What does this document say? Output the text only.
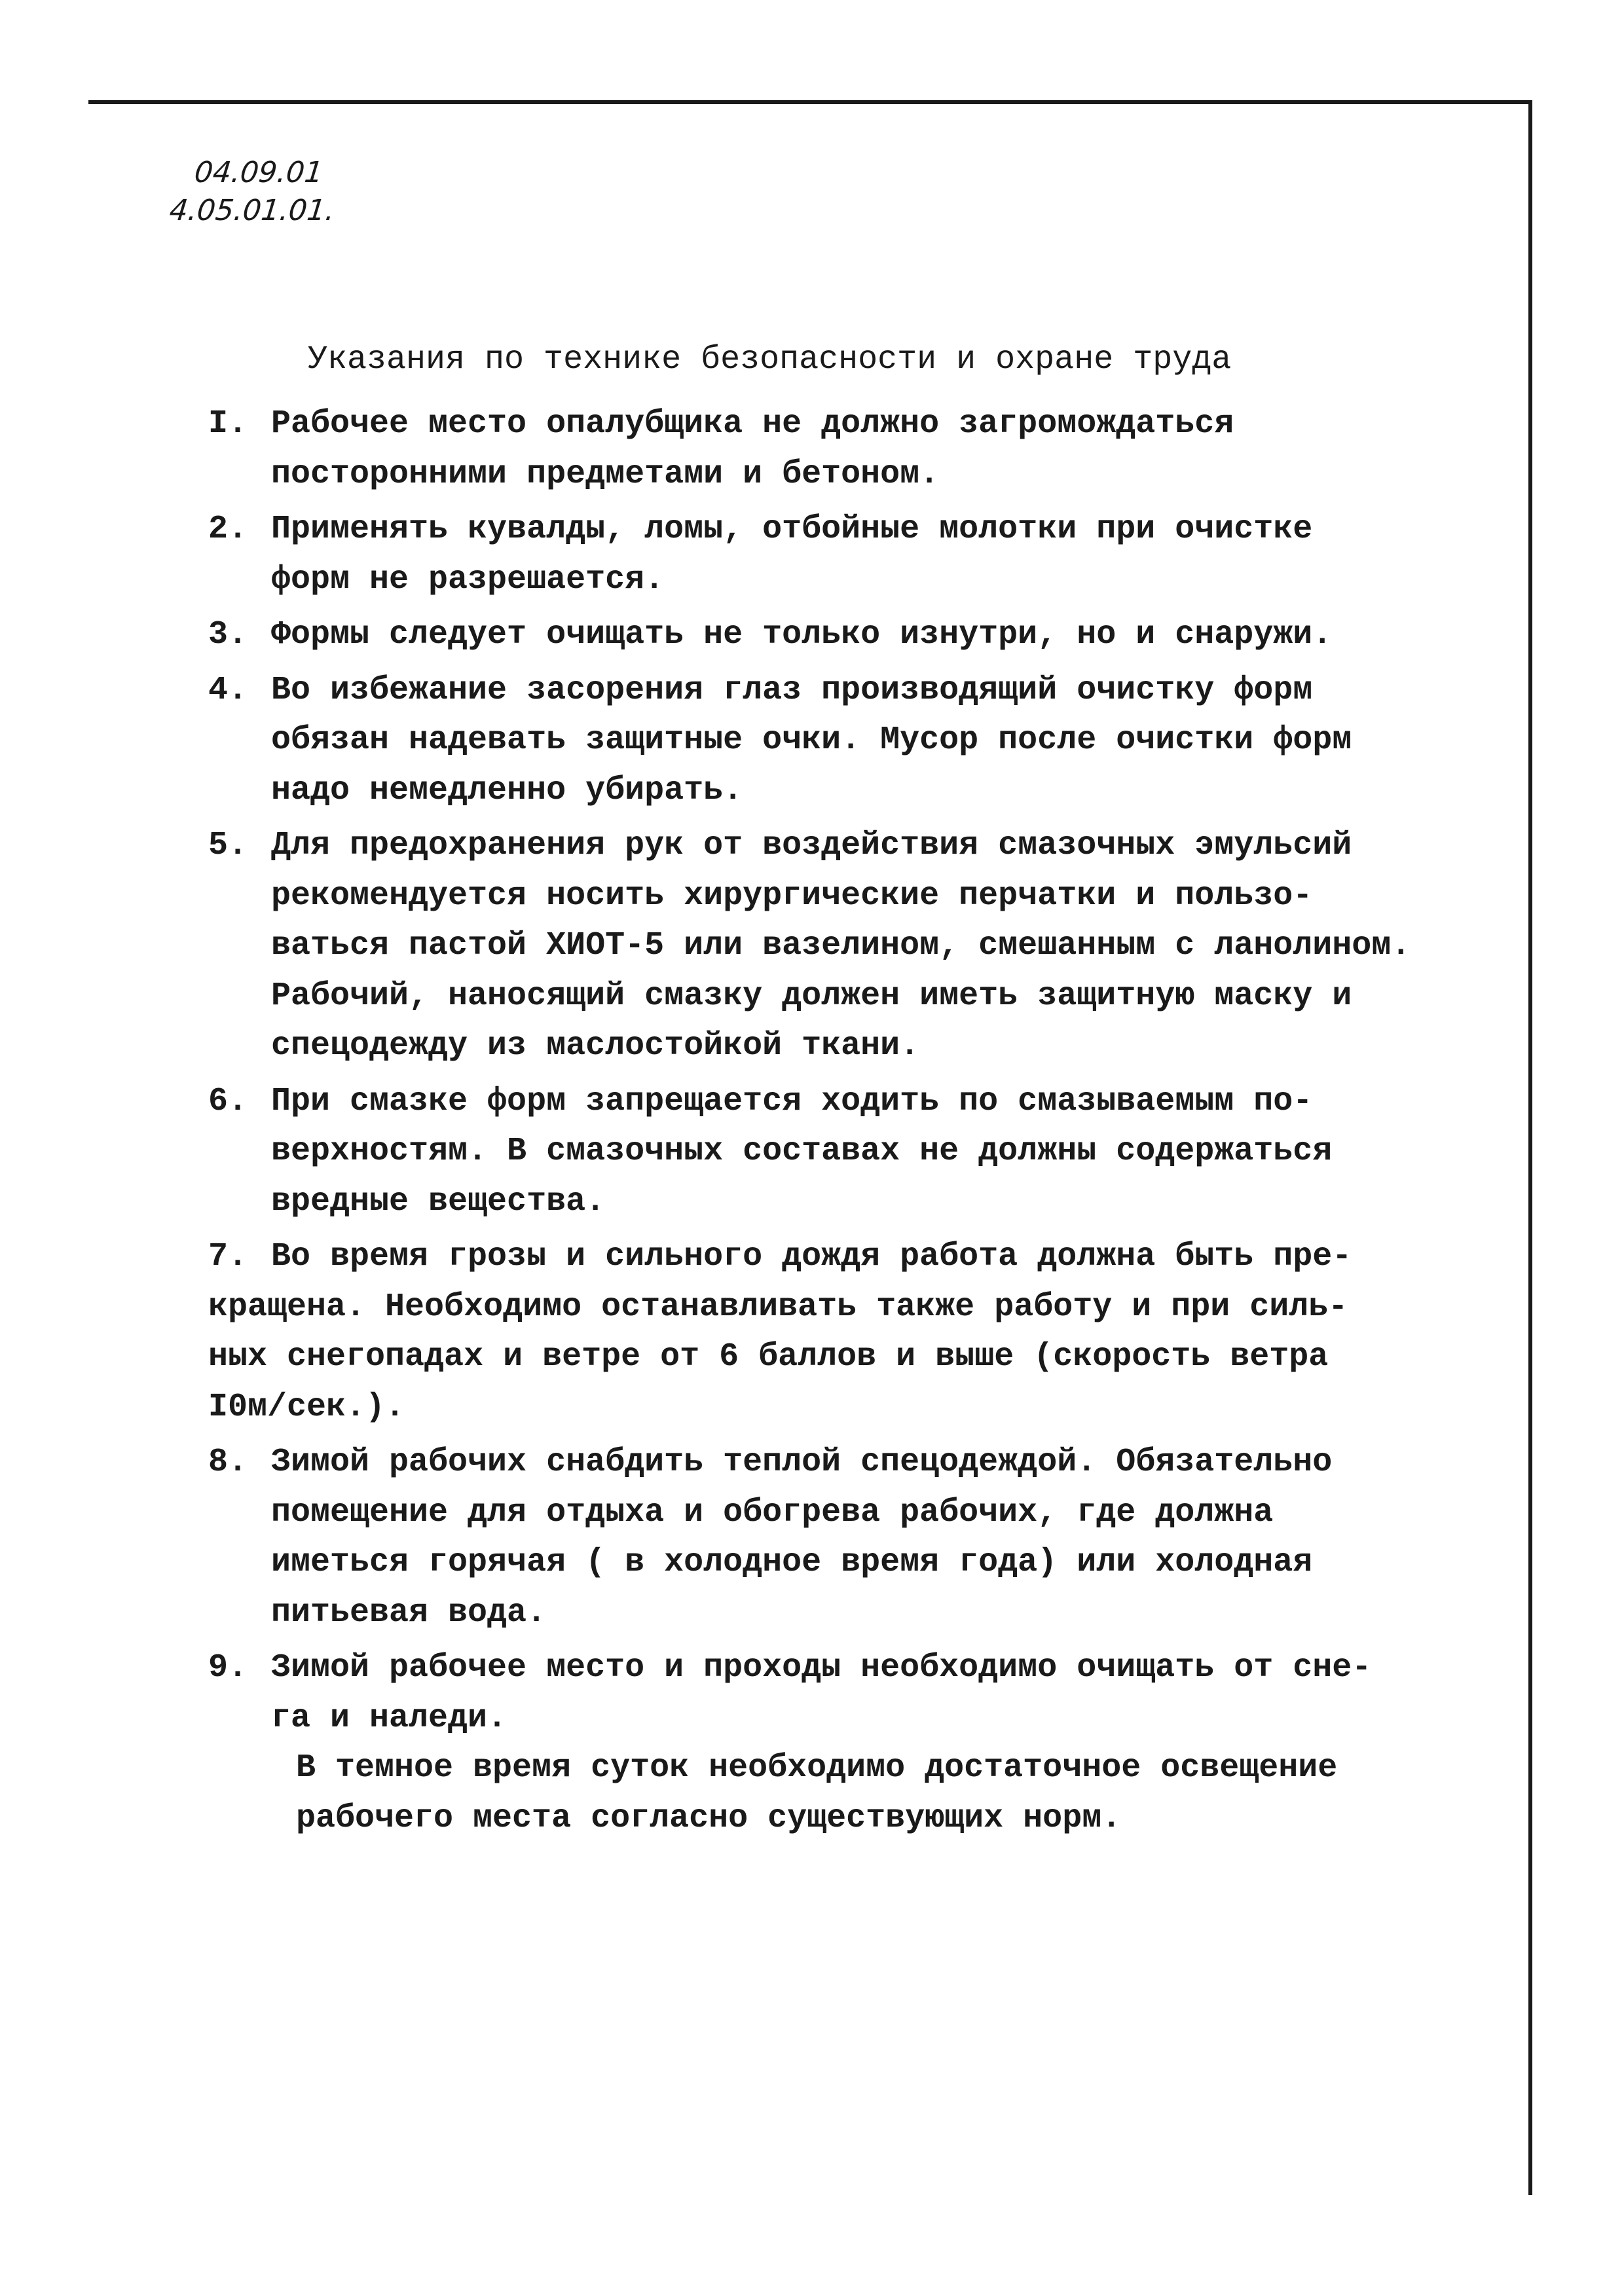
04.09.01
4.05.01.01.
Указания по технике безопасности и охране труда
I. Рабочее место опалубщика не должно загромождаться
посторонними предметами и бетоном.
2. Применять кувалды, ломы, отбойные молотки при очистке
форм не разрешается.
3. Формы следует очищать не только изнутри, но и снаружи.
4. Во избежание засорения глаз производящий очистку форм
обязан надевать защитные очки. Мусор после очистки форм
надо немедленно убирать.
5. Для предохранения рук от воздействия смазочных эмульсий
рекомендуется носить хирургические перчатки и пользо-
ваться пастой ХИОТ-5 или вазелином, смешанным с ланолином.
Рабочий, наносящий смазку должен иметь защитную маску и
спецодежду из маслостойкой ткани.
6. При смазке форм запрещается ходить по смазываемым по-
верхностям. В смазочных составах не должны содержаться
вредные вещества.
7. Во время грозы и сильного дождя работа должна быть пре-
кращена. Необходимо останавливать также работу и при силь-
ных снегопадах и ветре от 6 баллов и выше (скорость ветра
I0м/сек.).
8. Зимой рабочих снабдить теплой спецодеждой. Обязательно
помещение для отдыха и обогрева рабочих, где должна
иметься горячая ( в холодное время года) или холодная
питьевая вода.
9. Зимой рабочее место и проходы необходимо очищать от сне-
га и наледи.
В темное время суток необходимо достаточное освещение
рабочего места согласно существующих норм.
